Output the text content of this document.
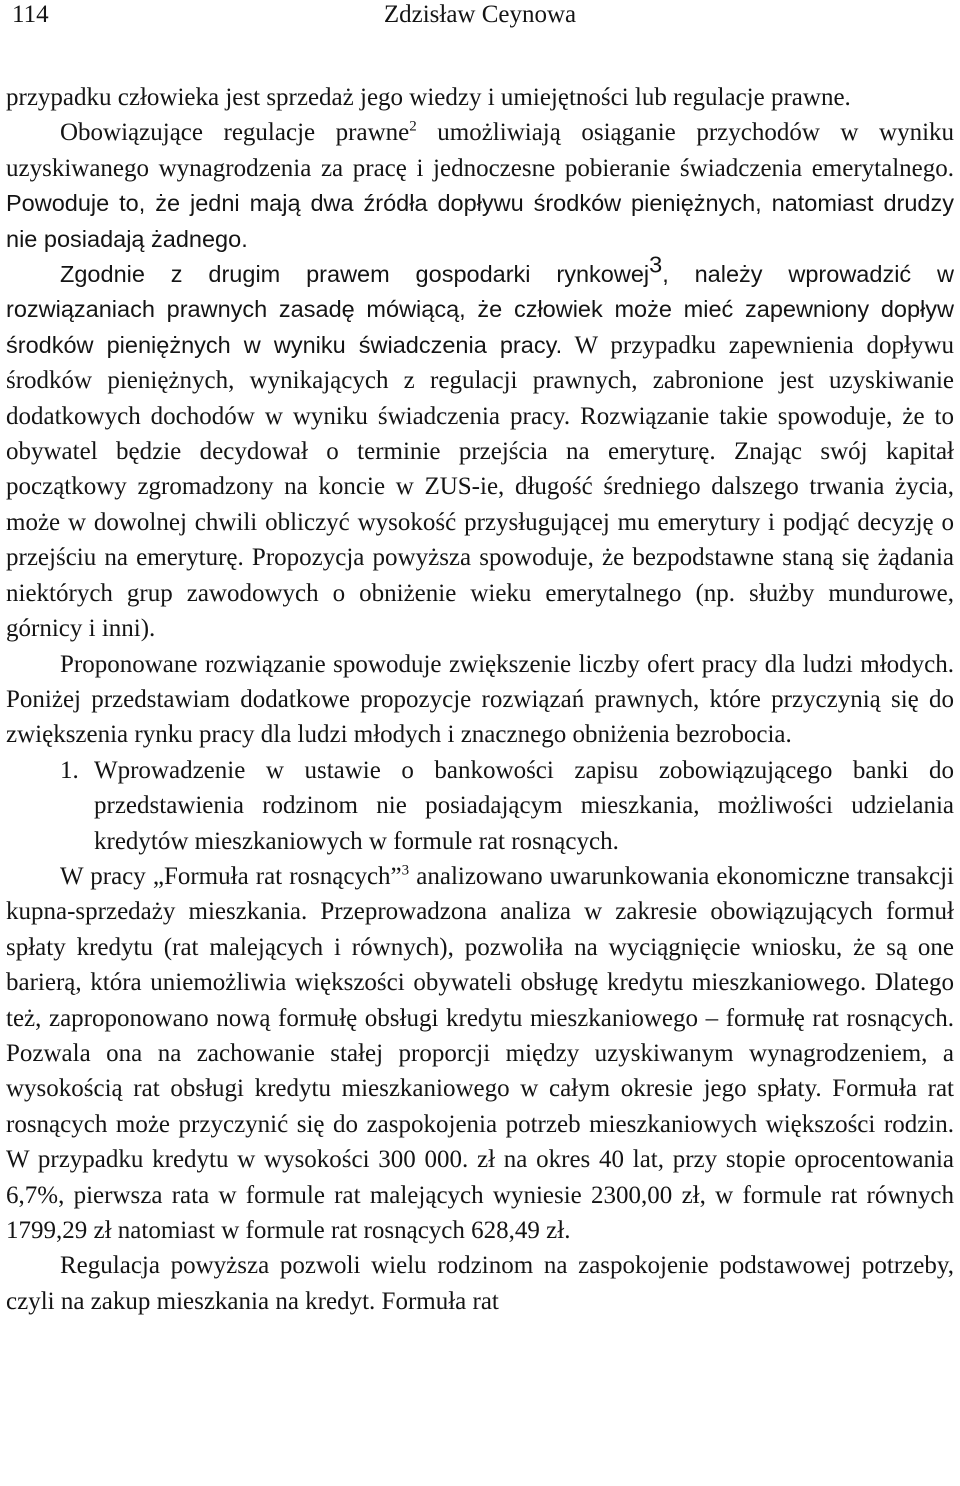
114	Zdzisław Ceynowa

przypadku człowieka jest sprzedaż jego wiedzy i umiejętności lub regulacje prawne.

Obowiązujące regulacje prawne$^2$ umożliwiają osiąganie przychodów w wyniku uzyskiwanego wynagrodzenia za pracę i jednoczesne pobieranie świadczenia emerytalnego. Powoduje to, że jedni mają dwa źródła dopływu środków pieniężnych, natomiast drudzy nie posiadają żadnego.

Zgodnie z drugim prawem gospodarki rynkowej$^3$, należy wprowadzić w rozwiązaniach prawnych zasadę mówiącą, że człowiek może mieć zapewniony dopływ środków pieniężnych w wyniku świadczenia pracy. W przypadku zapewnienia dopływu środków pieniężnych, wynikających z regulacji prawnych, zabronione jest uzyskiwanie dodatkowych dochodów w wyniku świadczenia pracy. Rozwiązanie takie spowoduje, że to obywatel będzie decydował o terminie przejścia na emeryturę. Znając swój kapitał początkowy zgromadzony na koncie w ZUS-ie, długość średniego dalszego trwania życia, może w dowolnej chwili obliczyć wysokość przysługującej mu emerytury i podjąć decyzję o przejściu na emeryturę. Propozycja powyższa spowoduje, że bezpodstawne staną się żądania niektórych grup zawodowych o obniżenie wieku emerytalnego (np. służby mundurowe, górnicy i inni).

Proponowane rozwiązanie spowoduje zwiększenie liczby ofert pracy dla ludzi młodych. Poniżej przedstawiam dodatkowe propozycje rozwiązań prawnych, które przyczynią się do zwiększenia rynku pracy dla ludzi młodych i znacznego obniżenia bezrobocia.

1. Wprowadzenie w ustawie o bankowości zapisu zobowiązującego banki do przedstawienia rodzinom nie posiadającym mieszkania, możliwości udzielania kredytów mieszkaniowych w formule rat rosnących.

W pracy „Formuła rat rosnących”$^3$ analizowano uwarunkowania ekonomiczne transakcji kupna-sprzedaży mieszkania. Przeprowadzona analiza w zakresie obowiązujących formuł spłaty kredytu (rat malejących i równych), pozwoliła na wyciągnięcie wniosku, że są one barierą, która uniemożliwia większości obywateli obsługę kredytu mieszkaniowego. Dlatego też, zaproponowano nową formułę obsługi kredytu mieszkaniowego – formułę rat rosnących. Pozwala ona na zachowanie stałej proporcji między uzyskiwanym wynagrodzeniem, a wysokością rat obsługi kredytu mieszkaniowego w całym okresie jego spłaty. Formuła rat rosnących może przyczynić się do zaspokojenia potrzeb mieszkaniowych większości rodzin. W przypadku kredytu w wysokości 300 000. zł na okres 40 lat, przy stopie oprocentowania 6,7%, pierwsza rata w formule rat malejących wyniesie 2300,00 zł, w formule rat równych 1799,29 zł natomiast w formule rat rosnących 628,49 zł.

Regulacja powyższa pozwoli wielu rodzinom na zaspokojenie podstawowej potrzeby, czyli na zakup mieszkania na kredyt. Formuła rat
